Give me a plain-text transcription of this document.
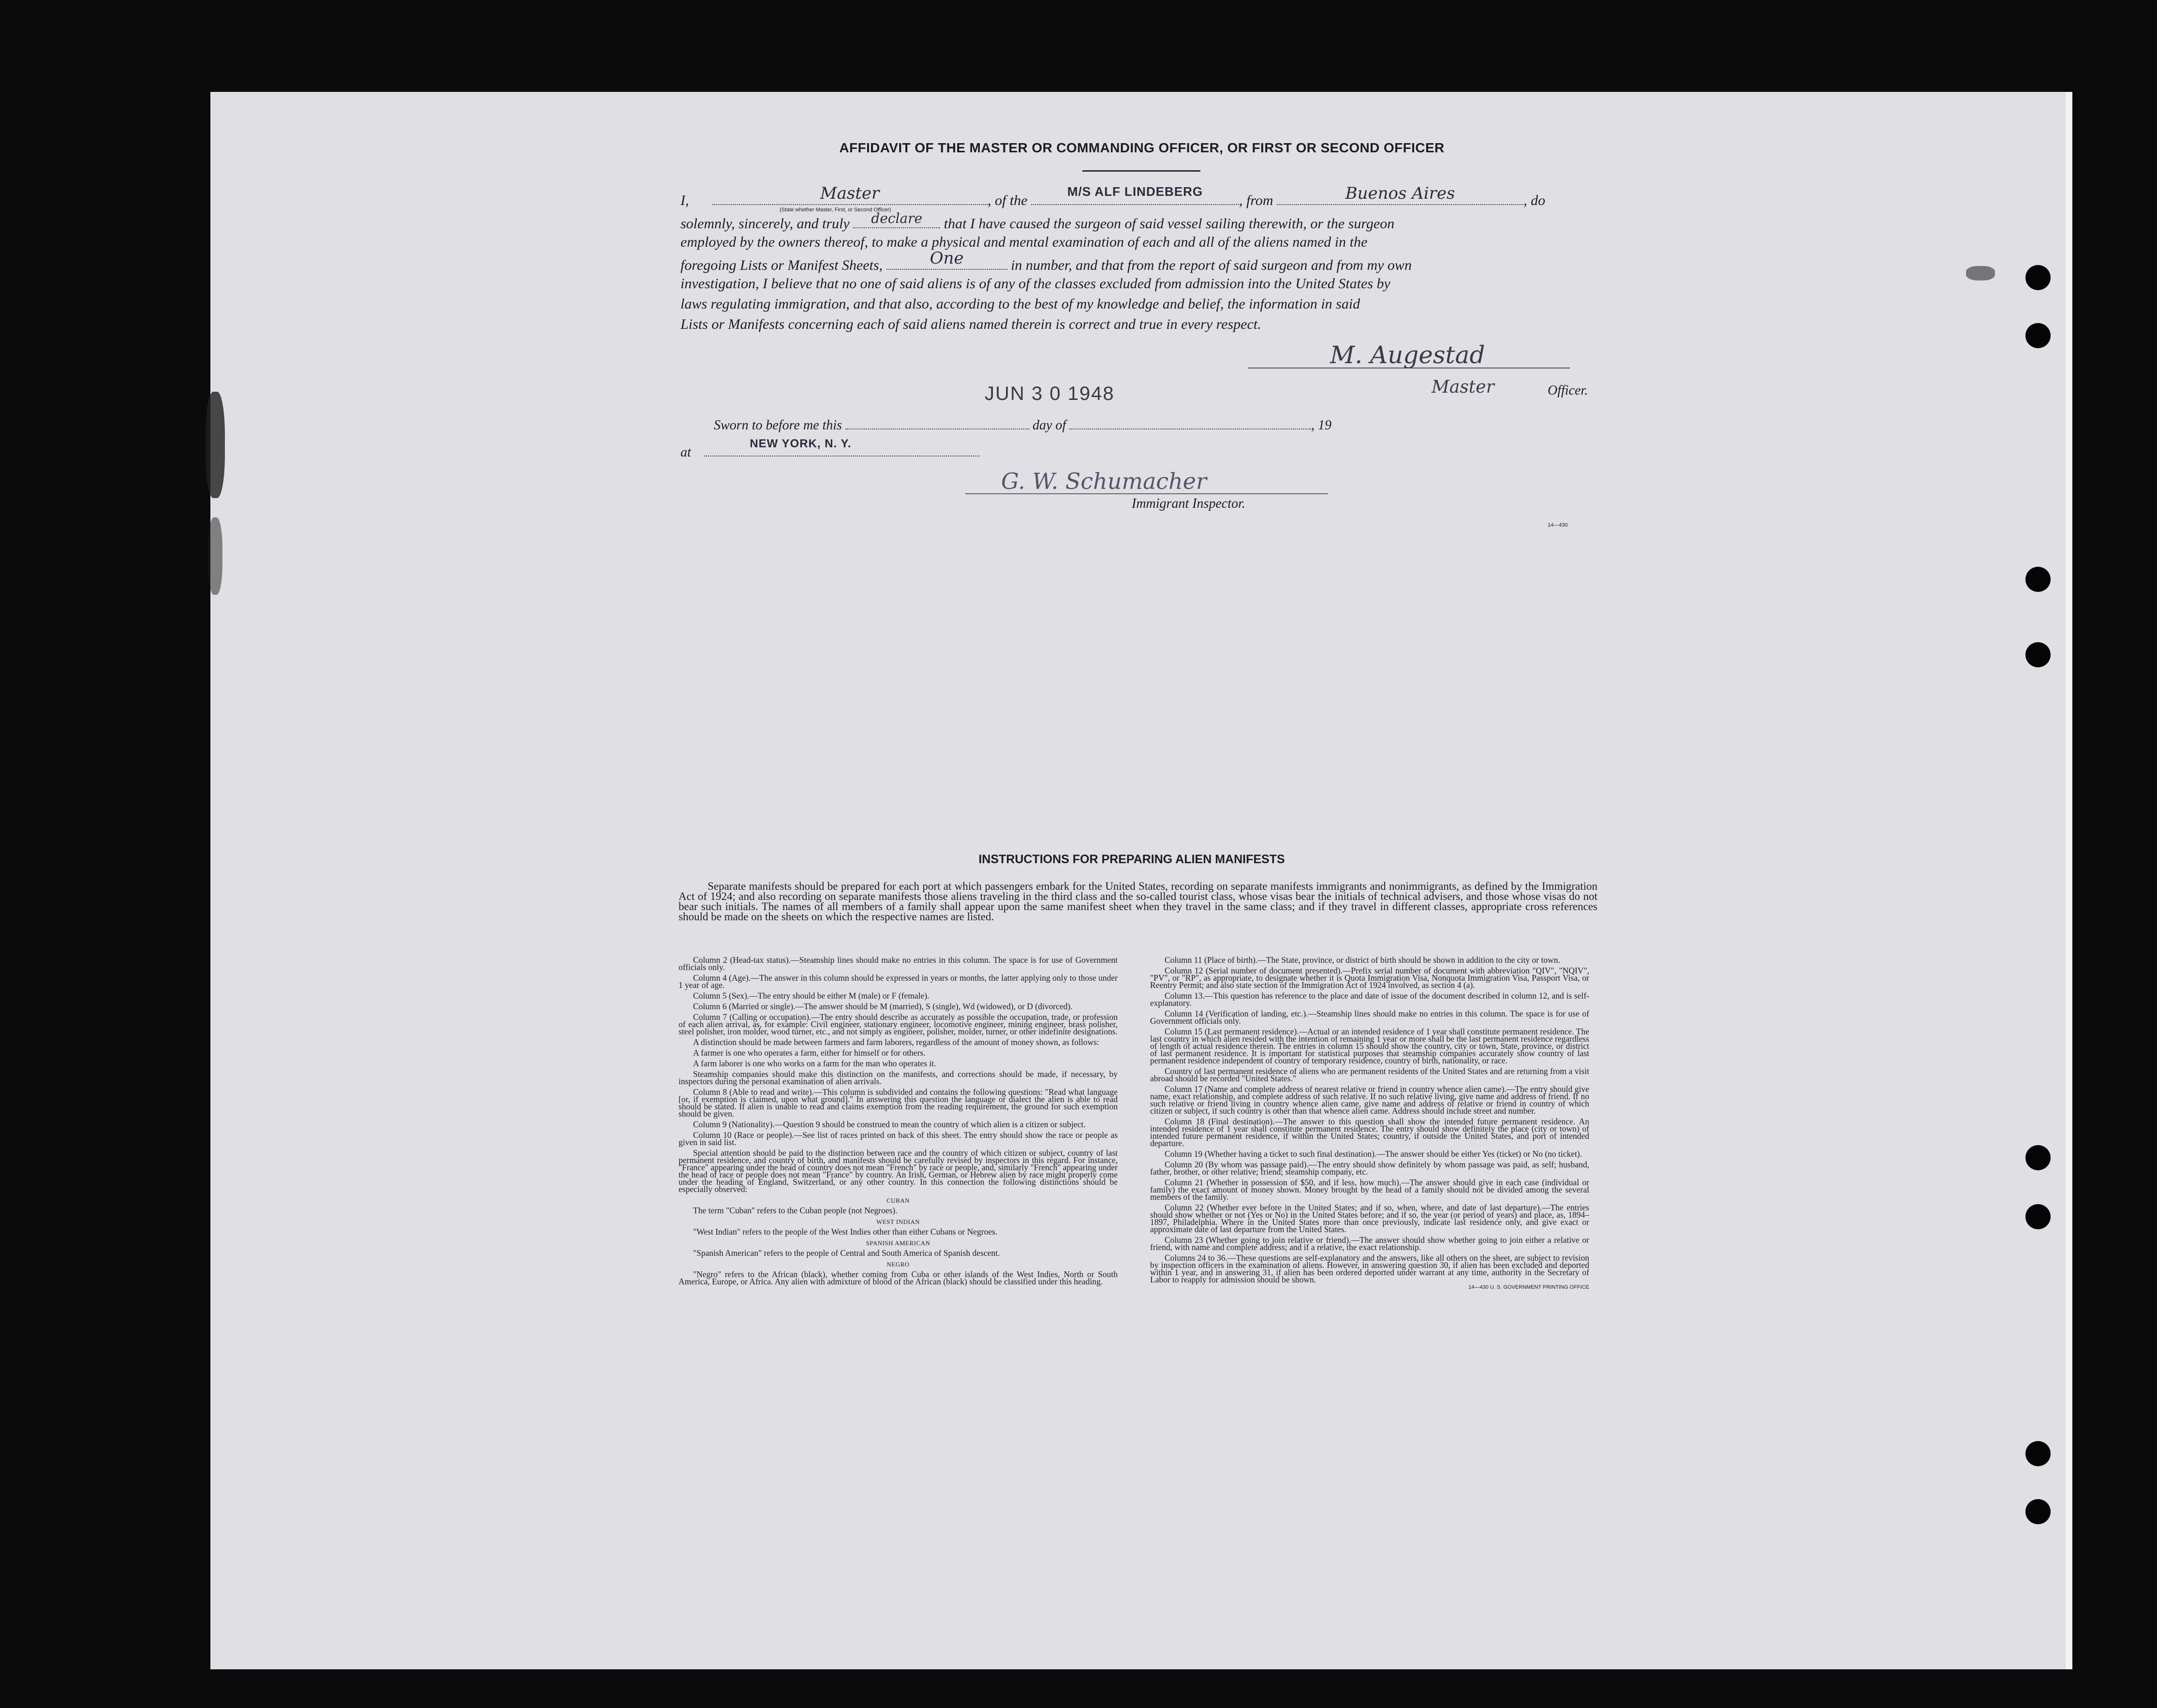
AFFIDAVIT OF THE MASTER OR COMMANDING OFFICER, OR FIRST OR SECOND OFFICER
I,	Master
(State whether Master, First, or Second Officer)
, of the
M/S ALF LINDEBERG
, from	Buenos Aires	, do
solemnly, sincerely, and truly declare that I have caused the surgeon of said vessel sailing therewith, or the surgeon
employed by the owners thereof, to make a physical and mental examination of each and all of the aliens named in the
foregoing Lists or Manifest Sheets,	One	in number, and that from the report of said surgeon and from my own
investigation, I believe that no one of said aliens is of any of the classes excluded from admission into the United States by
laws regulating immigration, and that also, according to the best of my knowledge and belief, the information in said
Lists or Manifests concerning each of said aliens named therein is correct and true in every respect.
M. Augestad
Master	Officer.
JUN 3 0 1948
Sworn to before me this	day of	, 19
at
NEW YORK, N. Y.
G. W. Schumacher
Immigrant Inspector.
14—430
INSTRUCTIONS FOR PREPARING ALIEN MANIFESTS
Separate manifests should be prepared for each port at which passengers embark for the United States, recording on separate manifests immigrants and nonimmigrants, as defined by the Immigration Act of 1924; and also recording on separate manifests those aliens traveling in the third class and the so-called tourist class, whose visas bear the initials of technical advisers, and those whose visas do not bear such initials. The names of all members of a family shall appear upon the same manifest sheet when they travel in the same class; and if they travel in different classes, appropriate cross references should be made on the sheets on which the respective names are listed.

Column 2 (Head-tax status).—Steamship lines should make no entries in this column. The space is for use of Government officials only.

Column 4 (Age).—The answer in this column should be expressed in years or months, the latter applying only to those under 1 year of age.

Column 5 (Sex).—The entry should be either M (male) or F (female).

Column 6 (Married or single).—The answer should be M (married), S (single), Wd (widowed), or D (divorced).

Column 7 (Calling or occupation).—The entry should describe as accurately as possible the occupation, trade, or profession of each alien arrival, as, for example: Civil engineer, stationary engineer, locomotive engineer, mining engineer, brass polisher, steel polisher, iron molder, wood turner, etc., and not simply as engineer, polisher, molder, turner, or other indefinite designations.

A distinction should be made between farmers and farm laborers, regardless of the amount of money shown, as follows:

A farmer is one who operates a farm, either for himself or for others.

A farm laborer is one who works on a farm for the man who operates it.

Steamship companies should make this distinction on the manifests, and corrections should be made, if necessary, by inspectors during the personal examination of alien arrivals.

Column 8 (Able to read and write).—This column is subdivided and contains the following questions: "Read what language [or, if exemption is claimed, upon what ground]." In answering this question the language or dialect the alien is able to read should be stated. If alien is unable to read and claims exemption from the reading requirement, the ground for such exemption should be given.

Column 9 (Nationality).—Question 9 should be construed to mean the country of which alien is a citizen or subject.

Column 10 (Race or people).—See list of races printed on back of this sheet. The entry should show the race or people as given in said list.

Special attention should be paid to the distinction between race and the country of which citizen or subject, country of last permanent residence, and country of birth, and manifests should be carefully revised by inspectors in this regard. For instance, "France" appearing under the head of country does not mean "French" by race or people, and, similarly "French" appearing under the head of race or people does not mean "France" by country. An Irish, German, or Hebrew alien by race might properly come under the heading of England, Switzerland, or any other country. In this connection the following distinctions should be especially observed:

CUBAN

The term "Cuban" refers to the Cuban people (not Negroes).

WEST INDIAN

"West Indian" refers to the people of the West Indies other than either Cubans or Negroes.

SPANISH AMERICAN

"Spanish American" refers to the people of Central and South America of Spanish descent.

NEGRO

"Negro" refers to the African (black), whether coming from Cuba or other islands of the West Indies, North or South America, Europe, or Africa. Any alien with admixture of blood of the African (black) should be classified under this heading.

Column 11 (Place of birth).—The State, province, or district of birth should be shown in addition to the city or town.

Column 12 (Serial number of document presented).—Prefix serial number of document with abbreviation "QIV", "NQIV", "PV", or "RP", as appropriate, to designate whether it is Quota Immigration Visa, Nonquota Immigration Visa, Passport Visa, or Reentry Permit; and also state section of the Immigration Act of 1924 involved, as section 4 (a).

Column 13.—This question has reference to the place and date of issue of the document described in column 12, and is self-explanatory.

Column 14 (Verification of landing, etc.).—Steamship lines should make no entries in this column. The space is for use of Government officials only.

Column 15 (Last permanent residence).—Actual or an intended residence of 1 year shall constitute permanent residence. The last country in which alien resided with the intention of remaining 1 year or more shall be the last permanent residence regardless of length of actual residence therein. The entries in column 15 should show the country, city or town, State, province, or district of last permanent residence. It is important for statistical purposes that steamship companies accurately show country of last permanent residence independent of country of temporary residence, country of birth, nationality, or race.

Country of last permanent residence of aliens who are permanent residents of the United States and are returning from a visit abroad should be recorded "United States."

Column 17 (Name and complete address of nearest relative or friend in country whence alien came).—The entry should give name, exact relationship, and complete address of such relative. If no such relative living, give name and address of friend. If no such relative or friend living in country whence alien came, give name and address of relative or friend in country of which citizen or subject, if such country is other than that whence alien came. Address should include street and number.

Column 18 (Final destination).—The answer to this question shall show the intended future permanent residence. An intended residence of 1 year shall constitute permanent residence. The entry should show definitely the place (city or town) of intended future permanent residence, if within the United States; country, if outside the United States, and port of intended departure.

Column 19 (Whether having a ticket to such final destination).—The answer should be either Yes (ticket) or No (no ticket).

Column 20 (By whom was passage paid).—The entry should show definitely by whom passage was paid, as self; husband, father, brother, or other relative; friend; steamship company, etc.

Column 21 (Whether in possession of $50, and if less, how much).—The answer should give in each case (individual or family) the exact amount of money shown. Money brought by the head of a family should not be divided among the several members of the family.

Column 22 (Whether ever before in the United States; and if so, when, where, and date of last departure).—The entries should show whether or not (Yes or No) in the United States before; and if so, the year (or period of years) and place, as, 1894–1897, Philadelphia. Where in the United States more than once previously, indicate last residence only, and give exact or approximate date of last departure from the United States.

Column 23 (Whether going to join relative or friend).—The answer should show whether going to join either a relative or friend, with name and complete address; and if a relative, the exact relationship.

Columns 24 to 36.—These questions are self-explanatory and the answers, like all others on the sheet, are subject to revision by inspection officers in the examination of aliens. However, in answering question 30, if alien has been excluded and deported within 1 year, and in answering 31, if alien has been ordered deported under warrant at any time, authority in the Secretary of Labor to reapply for admission should be shown.

14—430 U. S. GOVERNMENT PRINTING OFFICE
